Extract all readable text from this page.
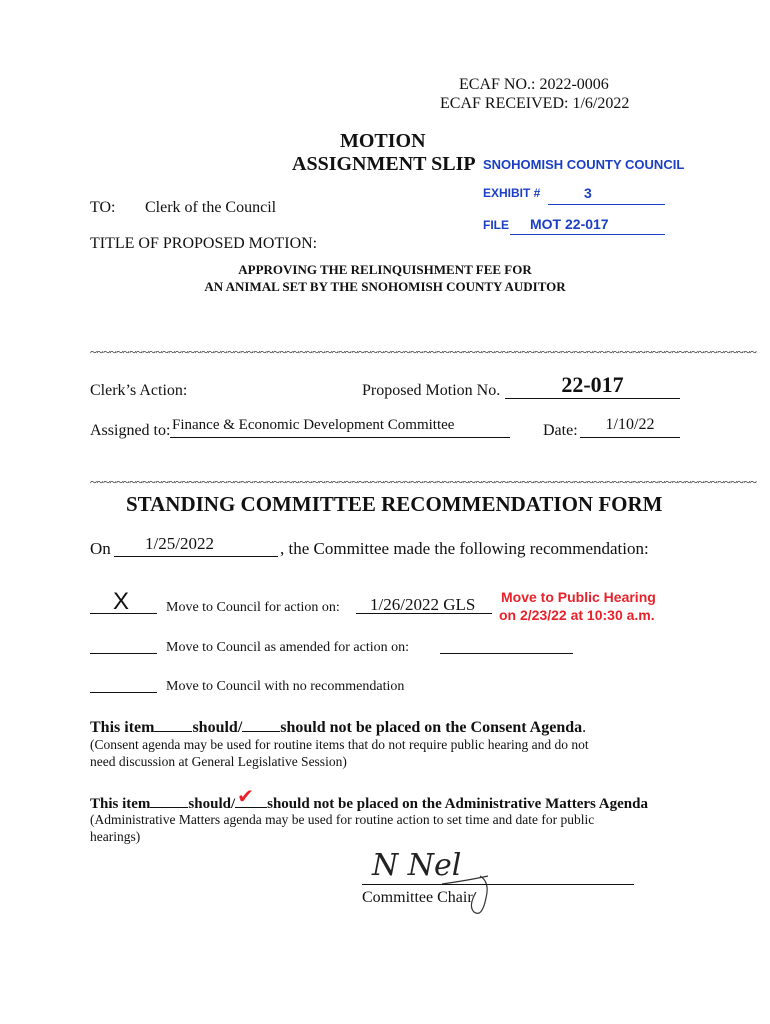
ECAF NO.: 2022-0006
ECAF RECEIVED: 1/6/2022
MOTION
ASSIGNMENT SLIP SNOHOMISH COUNTY COUNCIL
EXHIBIT #	3
FILE MOT 22-017
TO: Clerk of the Council
TITLE OF PROPOSED MOTION:
APPROVING THE RELINQUISHMENT FEE FOR
AN ANIMAL SET BY THE SNOHOMISH COUNTY AUDITOR
~~~~~~~~~~~~~~~~~~~~~~~~~~~~~~~~~~~~~~~~~~~~~~~~~~~~~~~~~~~~~~~~~~~~~~~~~~~~~~~~~~~~~~~~~~~~~~~~~~~~~~
Clerk’s Action:	Proposed Motion No.	22-017
Assigned to: Finance & Economic Development Committee	Date:	1/10/22
~~~~~~~~~~~~~~~~~~~~~~~~~~~~~~~~~~~~~~~~~~~~~~~~~~~~~~~~~~~~~~~~~~~~~~~~~~~~~~~~~~~~~~~~~~~~~~~~~~~~~~
STANDING COMMITTEE RECOMMENDATION FORM
On 1/25/2022	, the Committee made the following recommendation:
X	Move to Council for action on: 1/26/2022 GLS Move to Public Hearing
on 2/23/22 at 10:30 a.m.
Move to Council as amended for action on:
Move to Council with no recommendation
This item should/ should not be placed on the Consent Agenda.
(Consent agenda may be used for routine items that do not require public hearing and do not
need discussion at General Legislative Session)
This item	should/ ✔ should not be placed on the Administrative Matters Agenda
(Administrative Matters agenda may be used for routine action to set time and date for public
hearings)
N Nel
Committee Chair
